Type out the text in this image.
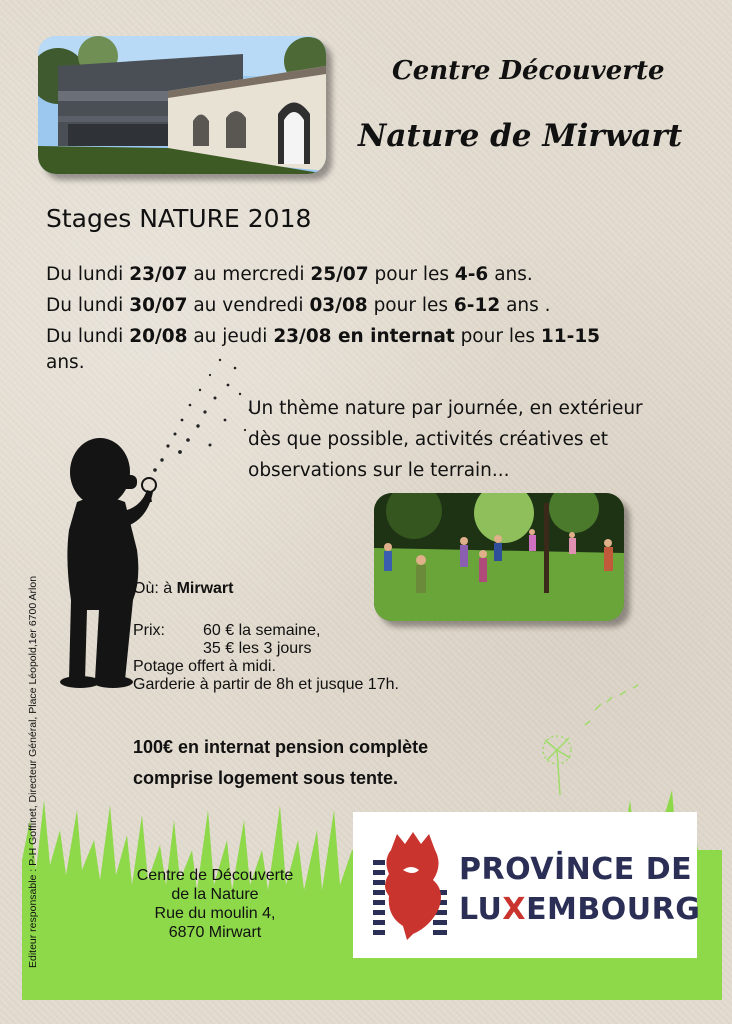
Centre Découverte
Nature de Mirwart
Stages NATURE 2018
Du lundi 23/07 au mercredi 25/07 pour les 4-6 ans.
Du lundi 30/07 au vendredi 03/08 pour les 6-12 ans .
Du lundi 20/08 au jeudi 23/08 en internat pour les 11-15
ans.
Un thème nature par journée, en extérieur
dès que possible, activités créatives et
observations sur le terrain...
Où: à Mirwart
Prix: 60 € la semaine,
35 € les 3 jours
Potage offert à midi.
Garderie à partir de 8h et jusque 17h.
100€ en internat pension complète
comprise logement sous tente.
Centre de Découverte
de la Nature
Rue du moulin 4,
6870 Mirwart
PROVİNCE DE
LUXEMBOURG
Editeur responsable : P-H Goffinet, Directeur Général, Place Léopold,1er 6700 Arlon
